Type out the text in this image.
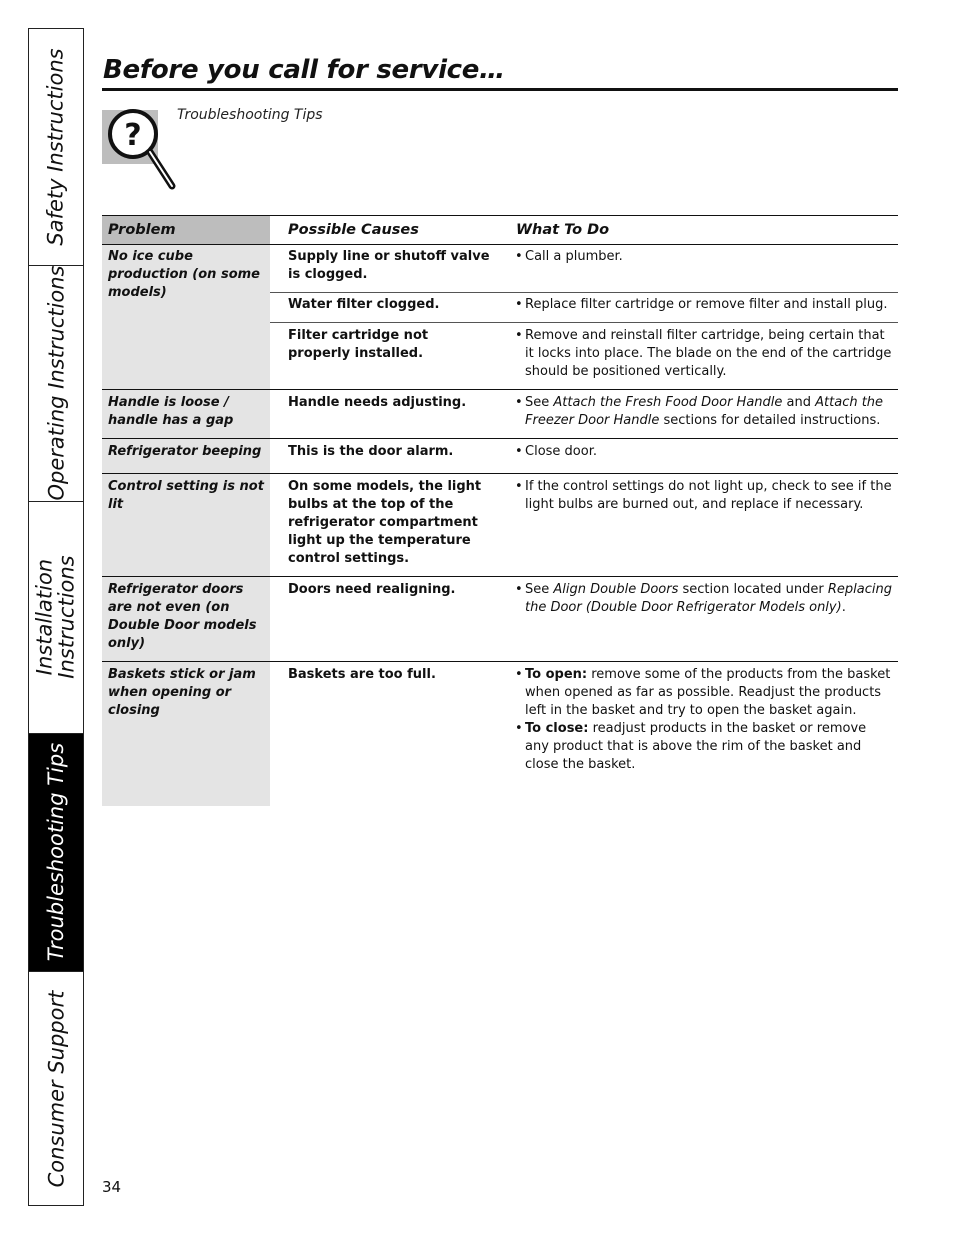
Safety Instructions
Operating Instructions
Installation Instructions
Troubleshooting Tips
Consumer Support
Before you call for service…
?
Troubleshooting Tips
Problem	Possible Causes	What To Do
No ice cube production (on some models)	Supply line or shutoff valve is clogged.	• Call a plumber.

	Water filter clogged.	• Replace filter cartridge or remove filter and install plug.

	Filter cartridge not properly installed.	• Remove and reinstall filter cartridge, being certain that it locks into place. The blade on the end of the cartridge should be positioned vertically.

Handle is loose / handle has a gap	Handle needs adjusting.	• See Attach the Fresh Food Door Handle and Attach the Freezer Door Handle sections for detailed instructions.

Refrigerator beeping	This is the door alarm.	• Close door.

Control setting is not lit	On some models, the light bulbs at the top of the refrigerator compartment light up the temperature control settings.	• If the control settings do not light up, check to see if the light bulbs are burned out, and replace if necessary.

Refrigerator doors are not even (on Double Door models only)	Doors need realigning.	• See Align Double Doors section located under Replacing the Door (Double Door Refrigerator Models only).

Baskets stick or jam when opening or closing	Baskets are too full.	• To open: remove some of the products from the basket when opened as far as possible. Readjust the products left in the basket and try to open the basket again.
• To close: readjust products in the basket or remove any product that is above the rim of the basket and close the basket.
34
